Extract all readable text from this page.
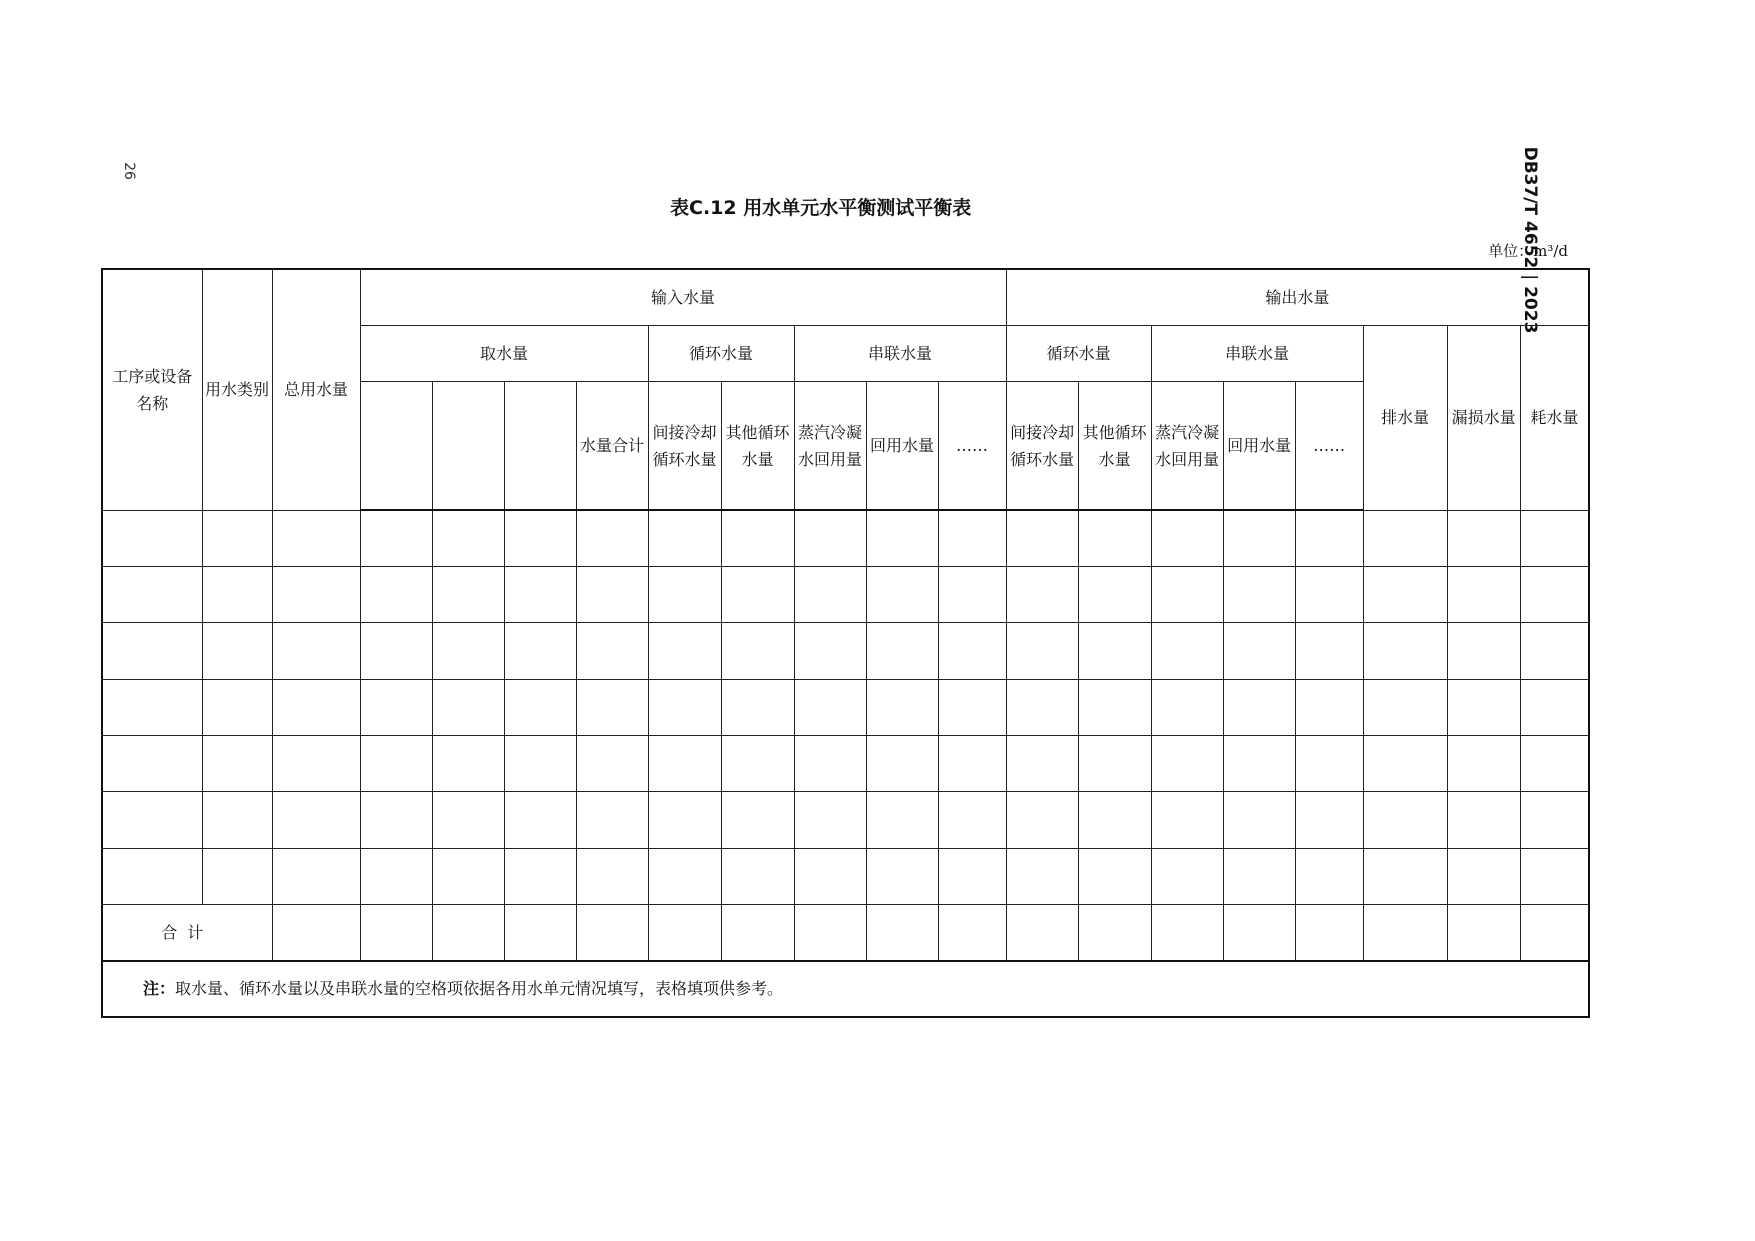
26	DB37/T 4652|2023
表C.12 用水单元水平衡测试平衡表
单位：m³/d
工序或设备名称	用水类别	总用水量	输入水量									输出水量							
			取水量				循环水量		串联水量			循环水量		串联水量			排水量	漏损水量	耗水量
						水量合计	间接冷却循环水量	其他循环水量	蒸汽冷凝水回用量	回用水量	……	间接冷却循环水量	其他循环水量	蒸汽冷凝水回用量	回用水量	……			

合计																			
注：取水量、循环水量以及串联水量的空格项依据各用水单元情况填写，表格填项供参考。																			
